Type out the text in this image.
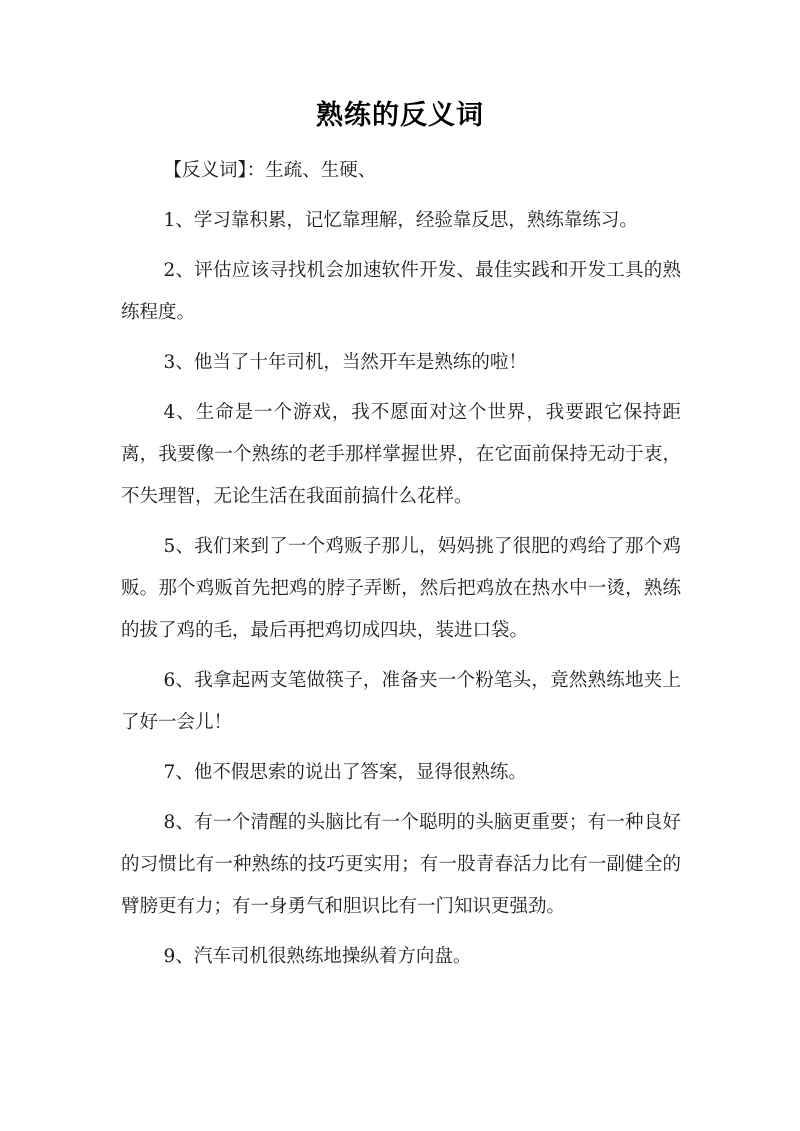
熟练的反义词

【反义词】：生疏、生硬、

1、学习靠积累，记忆靠理解，经验靠反思，熟练靠练习。

2、评估应该寻找机会加速软件开发、最佳实践和开发工具的熟练程度。

3、他当了十年司机，当然开车是熟练的啦！

4、生命是一个游戏，我不愿面对这个世界，我要跟它保持距离，我要像一个熟练的老手那样掌握世界，在它面前保持无动于衷，不失理智，无论生活在我面前搞什么花样。

5、我们来到了一个鸡贩子那儿，妈妈挑了很肥的鸡给了那个鸡贩。那个鸡贩首先把鸡的脖子弄断，然后把鸡放在热水中一烫，熟练的拔了鸡的毛，最后再把鸡切成四块，装进口袋。

6、我拿起两支笔做筷子，准备夹一个粉笔头，竟然熟练地夹上了好一会儿！

7、他不假思索的说出了答案，显得很熟练。

8、有一个清醒的头脑比有一个聪明的头脑更重要；有一种良好的习惯比有一种熟练的技巧更实用；有一股青春活力比有一副健全的臂膀更有力；有一身勇气和胆识比有一门知识更强劲。

9、汽车司机很熟练地操纵着方向盘。
